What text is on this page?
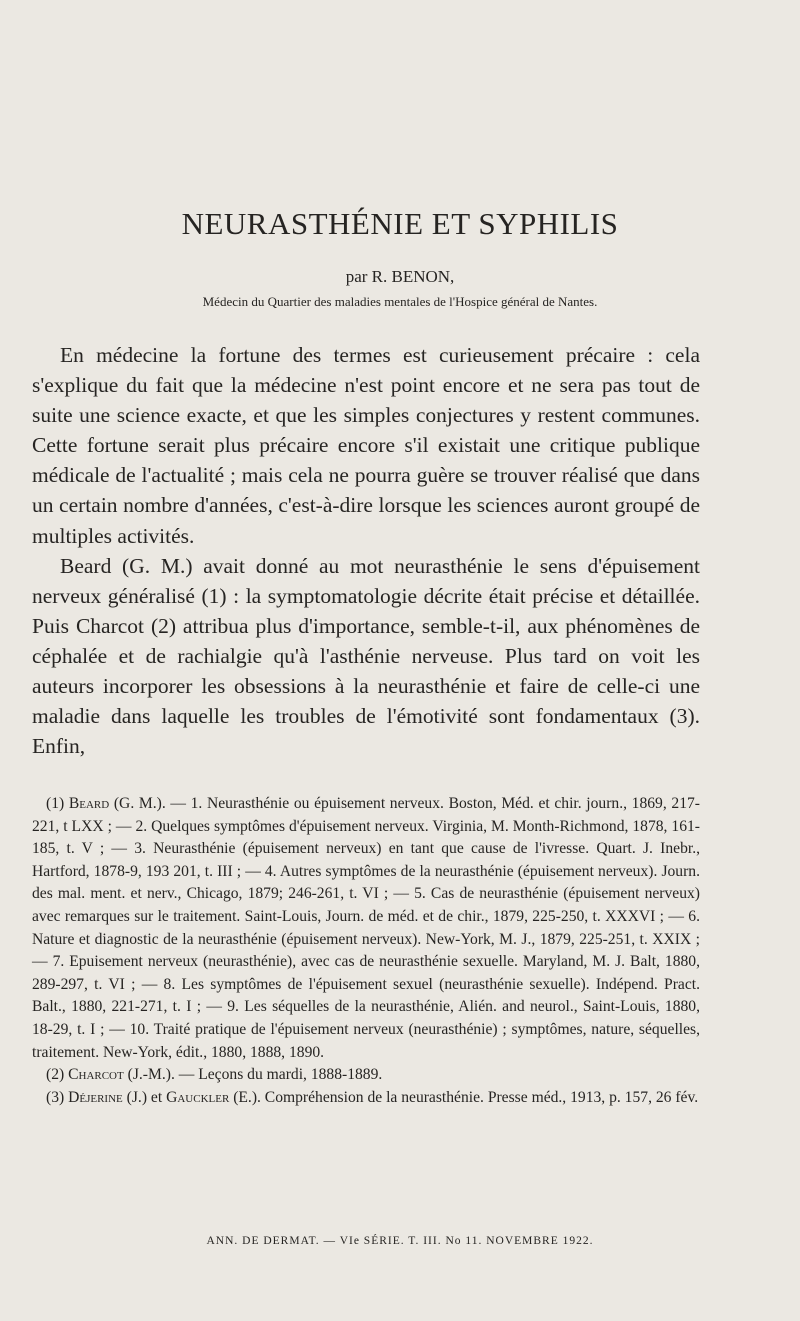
NEURASTHÉNIE ET SYPHILIS
par R. BENON,
Médecin du Quartier des maladies mentales de l'Hospice général de Nantes.

En médecine la fortune des termes est curieusement précaire : cela s'explique du fait que la médecine n'est point encore et ne sera pas tout de suite une science exacte, et que les simples conjectures y restent communes. Cette fortune serait plus précaire encore s'il existait une critique publique médicale de l'actualité ; mais cela ne pourra guère se trouver réalisé que dans un certain nombre d'années, c'est-à-dire lorsque les sciences auront groupé de multiples activités.

Beard (G. M.) avait donné au mot neurasthénie le sens d'épuisement nerveux généralisé (1) : la symptomatologie décrite était précise et détaillée. Puis Charcot (2) attribua plus d'importance, semble-t-il, aux phénomènes de céphalée et de rachialgie qu'à l'asthénie nerveuse. Plus tard on voit les auteurs incorporer les obsessions à la neurasthénie et faire de celle-ci une maladie dans laquelle les troubles de l'émotivité sont fondamentaux (3). Enfin,

(1) Beard (G. M.). — 1. Neurasthénie ou épuisement nerveux. Boston, Méd. et chir. journ., 1869, 217-221, t LXX ; — 2. Quelques symptômes d'épuisement nerveux. Virginia, M. Month-Richmond, 1878, 161-185, t. V ; — 3. Neurasthénie (épuisement nerveux) en tant que cause de l'ivresse. Quart. J. Inebr., Hartford, 1878-9, 193 201, t. III ; — 4. Autres symptômes de la neurasthénie (épuisement nerveux). Journ. des mal. ment. et nerv., Chicago, 1879; 246-261, t. VI ; — 5. Cas de neurasthénie (épuisement nerveux) avec remarques sur le traitement. Saint-Louis, Journ. de méd. et de chir., 1879, 225-250, t. XXXVI ; — 6. Nature et diagnostic de la neurasthénie (épuisement nerveux). New-York, M. J., 1879, 225-251, t. XXIX ; — 7. Epuisement nerveux (neurasthénie), avec cas de neurasthénie sexuelle. Maryland, M. J. Balt, 1880, 289-297, t. VI ; — 8. Les symptômes de l'épuisement sexuel (neurasthénie sexuelle). Indépend. Pract. Balt., 1880, 221-271, t. I ; — 9. Les séquelles de la neurasthénie, Alién. and neurol., Saint-Louis, 1880, 18-29, t. I ; — 10. Traité pratique de l'épuisement nerveux (neurasthénie) ; symptômes, nature, séquelles, traitement. New-York, édit., 1880, 1888, 1890.

(2) Charcot (J.-M.). — Leçons du mardi, 1888-1889.

(3) Déjerine (J.) et Gauckler (E.). Compréhension de la neurasthénie. Presse méd., 1913, p. 157, 26 fév.

ANN. DE DERMAT. — VIe SÉRIE. T. III. No 11. NOVEMBRE 1922.
